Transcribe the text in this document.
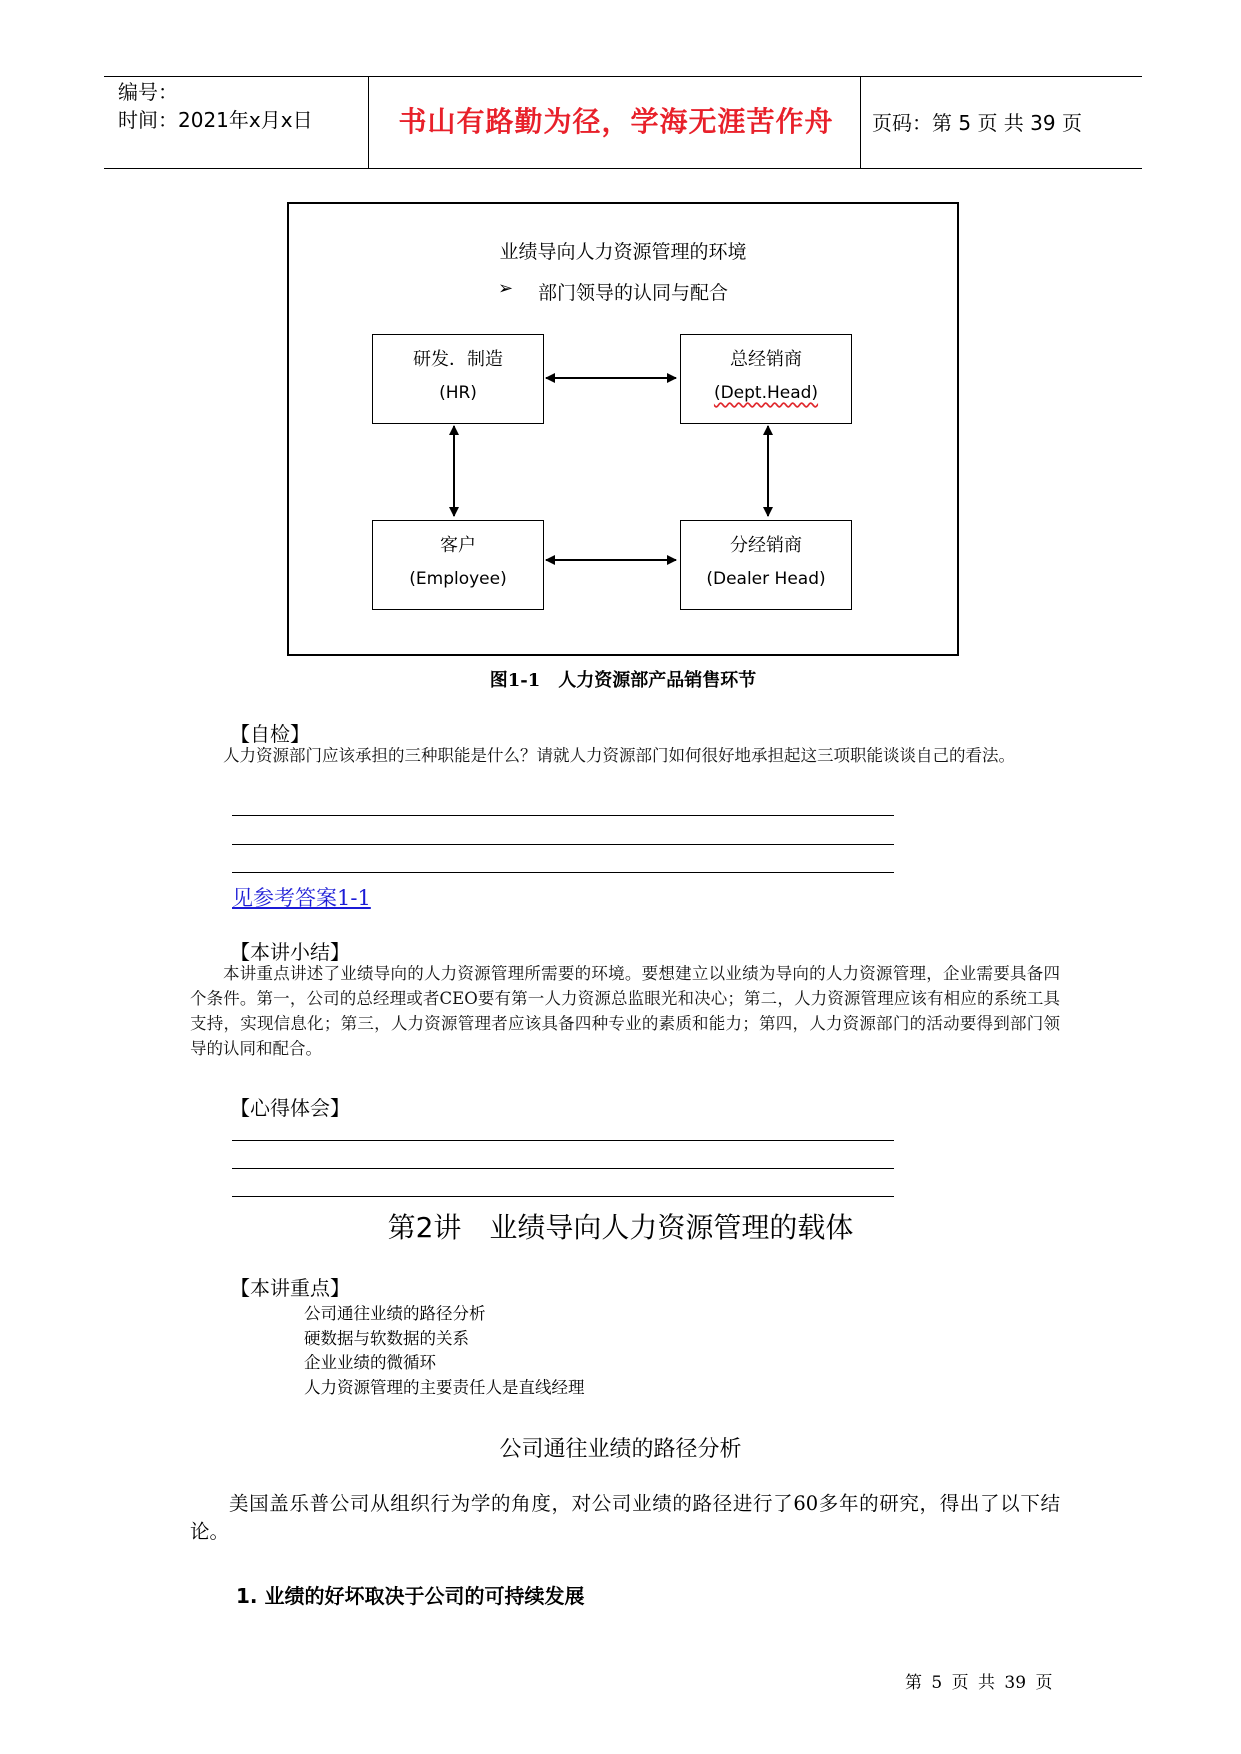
编号：
时间：2021年x月x日	书山有路勤为径，学海无涯苦作舟	页码：第 5 页 共 39 页
业绩导向人力资源管理的环境
➢ 部门领导的认同与配合
研发．制造
(HR)
总经销商
(Dept.Head)
客户
(Employee)
分经销商
(Dealer Head)
图1-1　人力资源部产品销售环节
【自检】

人力资源部门应该承担的三种职能是什么？请就人力资源部门如何很好地承担起这三项职能谈谈自己的看法。

见参考答案1-1
【本讲小结】

本讲重点讲述了业绩导向的人力资源管理所需要的环境。要想建立以业绩为导向的人力资源管理，企业需要具备四个条件。第一，公司的总经理或者CEO要有第一人力资源总监眼光和决心；第二，人力资源管理应该有相应的系统工具支持，实现信息化；第三，人力资源管理者应该具备四种专业的素质和能力；第四，人力资源部门的活动要得到部门领导的认同和配合。

【心得体会】
第2讲　业绩导向人力资源管理的载体
【本讲重点】
公司通往业绩的路径分析
硬数据与软数据的关系
企业业绩的微循环
人力资源管理的主要责任人是直线经理
公司通往业绩的路径分析

美国盖乐普公司从组织行为学的角度，对公司业绩的路径进行了60多年的研究，得出了以下结论。

1. 业绩的好坏取决于公司的可持续发展
第 5 页 共 39 页
